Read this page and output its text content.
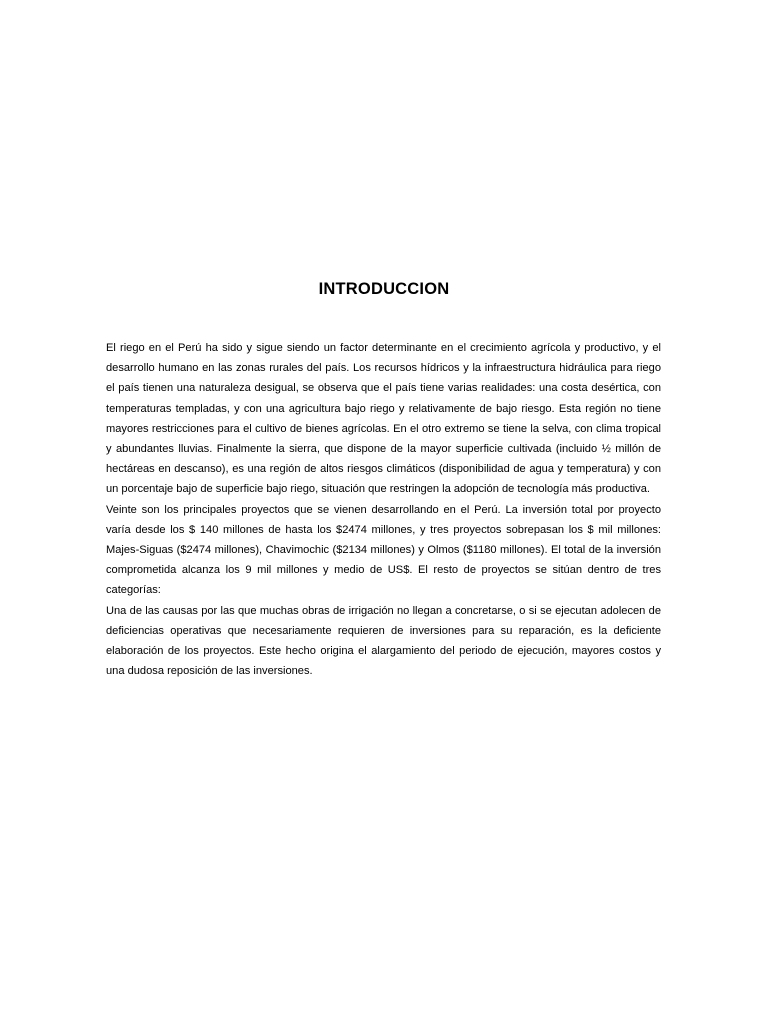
INTRODUCCION

El riego en el Perú ha sido y sigue siendo un factor determinante en el crecimiento agrícola y productivo, y el desarrollo humano en las zonas rurales del país. Los recursos hídricos y la infraestructura hidráulica para riego el país tienen una naturaleza desigual, se observa que el país tiene varias realidades: una costa desértica, con temperaturas templadas, y con una agricultura bajo riego y relativamente de bajo riesgo. Esta región no tiene mayores restricciones para el cultivo de bienes agrícolas. En el otro extremo se tiene la selva, con clima tropical y abundantes lluvias. Finalmente la sierra, que dispone de la mayor superficie cultivada (incluido ½ millón de hectáreas en descanso), es una región de altos riesgos climáticos (disponibilidad de agua y temperatura) y con un porcentaje bajo de superficie bajo riego, situación que restringen la adopción de tecnología más productiva.

Veinte son los principales proyectos que se vienen desarrollando en el Perú. La inversión total por proyecto varía desde los $ 140 millones de hasta los $2474 millones, y tres proyectos sobrepasan los $ mil millones: Majes-Siguas ($2474 millones), Chavimochic ($2134 millones) y Olmos ($1180 millones). El total de la inversión comprometida alcanza los 9 mil millones y medio de US$. El resto de proyectos se sitúan dentro de tres categorías:

Una de las causas por las que muchas obras de irrigación no llegan a concretarse, o si se ejecutan adolecen de deficiencias operativas que necesariamente requieren de inversiones para su reparación, es la deficiente elaboración de los proyectos. Este hecho origina el alargamiento del periodo de ejecución, mayores costos y una dudosa reposición de las inversiones.
